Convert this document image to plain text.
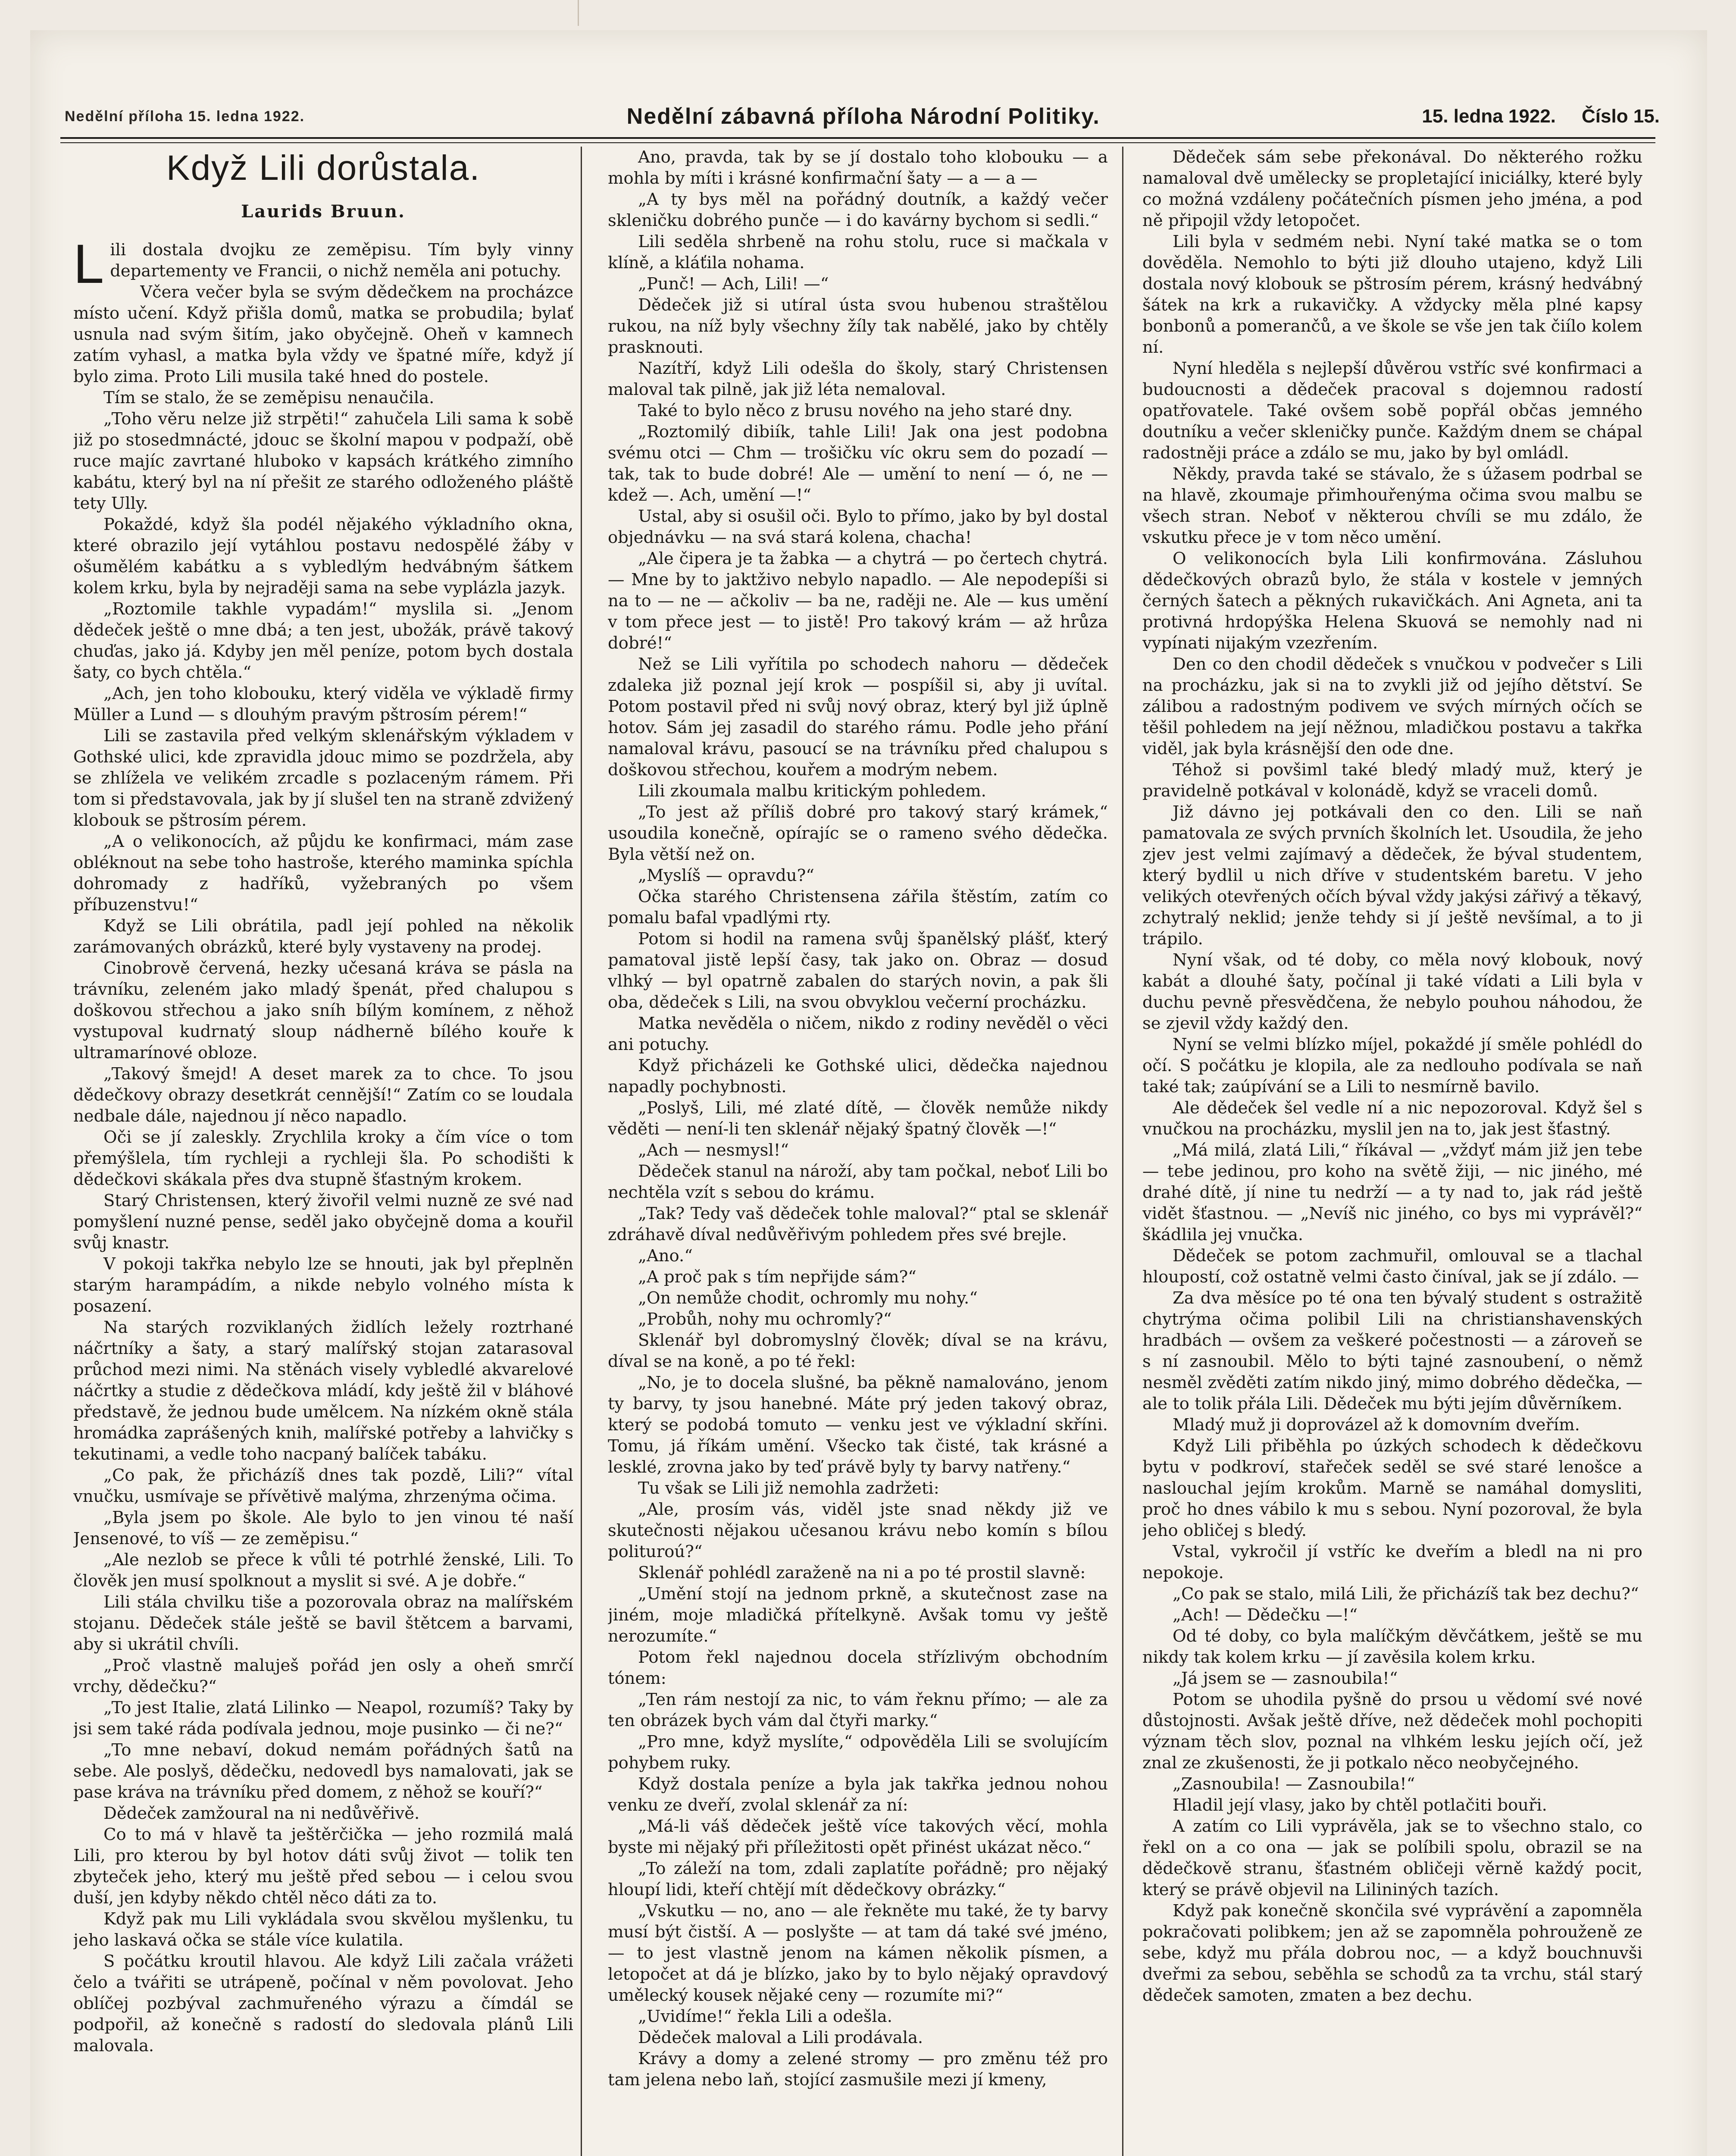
Nedělní příloha 15. ledna 1922.	Nedělní zábavná příloha Národní Politiky.	15. ledna 1922. Číslo 15.
Když Lili dorůstala.
Laurids Bruun.

Lili dostala dvojku ze zeměpisu. Tím byly vinny departementy ve Francii, o nichž neměla ani potuchy.

Včera večer byla se svým dědečkem na procházce místo učení. Když přišla domů, matka se probudila; bylať usnula nad svým šitím, jako obyčejně. Oheň v kamnech zatím vyhasl, a matka byla vždy ve špatné míře, když jí bylo zima. Proto Lili musila také hned do postele.

Tím se stalo, že se zeměpisu nenaučila.

„Toho věru nelze již strpěti!“ zahučela Lili sama k sobě již po stosedmnácté, jdouc se školní mapou v podpaží, obě ruce majíc zavrtané hluboko v kapsách krátkého zimního kabátu, který byl na ní přešit ze starého odloženého pláště tety Ully.

Pokaždé, když šla podél nějakého výkladního okna, které obrazilo její vytáhlou postavu nedospělé žáby v ošumělém kabátku a s vybledlým hedvábným šátkem kolem krku, byla by nejraději sama na sebe vyplázla jazyk.

„Roztomile takhle vypadám!“ myslila si. „Jenom dědeček ještě o mne dbá; a ten jest, ubožák, právě takový chuďas, jako já. Kdyby jen měl peníze, potom bych dostala šaty, co bych chtěla.“

„Ach, jen toho klobouku, který viděla ve výkladě firmy Müller a Lund — s dlouhým pravým pštrosím pérem!“

Lili se zastavila před velkým sklenářským výkladem v Gothské ulici, kde zpravidla jdouc mimo se pozdržela, aby se zhlížela ve velikém zrcadle s pozlaceným rámem. Při tom si představovala, jak by jí slušel ten na straně zdvižený klobouk se pštrosím pérem.

„A o velikonocích, až půjdu ke konfirmaci, mám zase obléknout na sebe toho hastroše, kterého maminka spíchla dohromady z hadříků, vyžebraných po všem příbuzenstvu!“

Když se Lili obrátila, padl její pohled na několik zarámovaných obrázků, které byly vystaveny na prodej.

Cinobrově červená, hezky učesaná kráva se pásla na trávníku, zeleném jako mladý špenát, před chalupou s doškovou střechou a jako sníh bílým komínem, z něhož vystupoval kudrnatý sloup nádherně bílého kouře k ultramarínové obloze.

„Takový šmejd! A deset marek za to chce. To jsou dědečkovy obrazy desetkrát cennější!“ Zatím co se loudala nedbale dále, najednou jí něco napadlo.

Oči se jí zaleskly. Zrychlila kroky a čím více o tom přemýšlela, tím rychleji a rychleji šla. Po schodišti k dědečkovi skákala přes dva stupně šťastným krokem.

Starý Christensen, který živořil velmi nuzně ze své nad pomyšlení nuzné pense, seděl jako obyčejně doma a kouřil svůj knastr.

V pokoji takřka nebylo lze se hnouti, jak byl přeplněn starým harampádím, a nikde nebylo volného místa k posazení.

Na starých rozviklaných židlích ležely roztrhané náčrtníky a šaty, a starý malířský stojan zatarasoval průchod mezi nimi. Na stěnách visely vybledlé akvarelové náčrtky a studie z dědečkova mládí, kdy ještě žil v bláhové představě, že jednou bude umělcem. Na nízkém okně stála hromádka zaprášených knih, malířské potřeby a lahvičky s tekutinami, a vedle toho nacpaný balíček tabáku.

„Co pak, že přicházíš dnes tak pozdě, Lili?“ vítal vnučku, usmívaje se přívětivě malýma, zhrzenýma očima.

„Byla jsem po škole. Ale bylo to jen vinou té naší Jensenové, to víš — ze zeměpisu.“

„Ale nezlob se přece k vůli té potrhlé ženské, Lili. To člověk jen musí spolknout a myslit si své. A je dobře.“

Lili stála chvilku tiše a pozorovala obraz na malířském stojanu. Dědeček stále ještě se bavil štětcem a barvami, aby si ukrátil chvíli.

„Proč vlastně maluješ pořád jen osly a oheň smrčí vrchy, dědečku?“

„To jest Italie, zlatá Lilinko — Neapol, rozumíš? Taky by jsi sem také ráda podívala jednou, moje pusinko — či ne?“

„To mne nebaví, dokud nemám pořádných šatů na sebe. Ale poslyš, dědečku, nedovedl bys namalovati, jak se pase kráva na trávníku před domem, z něhož se kouří?“

Dědeček zamžoural na ni nedůvěřivě.

Co to má v hlavě ta ještěrčička — jeho rozmilá malá Lili, pro kterou by byl hotov dáti svůj život — tolik ten zbyteček jeho, který mu ještě před sebou — i celou svou duší, jen kdyby někdo chtěl něco dáti za to.

Když pak mu Lili vykládala svou skvělou myšlenku, tu jeho laskavá očka se stále více kulatila.

S počátku kroutil hlavou. Ale když Lili začala vrážeti čelo a tvářiti se utrápeně, počínal v něm povolovat. Jeho oblíčej pozbýval zachmuřeného výrazu a čímdál se podpořil, až konečně s radostí do sledovala plánů Lili malovala.

Ano, pravda, tak by se jí dostalo toho klobouku — a mohla by míti i krásné konfirmační šaty — a — a —

„A ty bys měl na pořádný doutník, a každý večer skleničku dobrého punče — i do kavárny bychom si sedli.“

Lili seděla shrbeně na rohu stolu, ruce si mačkala v klíně, a kláťila nohama.

„Punč! — Ach, Lili! —“

Dědeček již si utíral ústa svou hubenou straštělou rukou, na níž byly všechny žíly tak nabělé, jako by chtěly prasknouti.

Nazítří, když Lili odešla do školy, starý Christensen maloval tak pilně, jak již léta nemaloval.

Také to bylo něco z brusu nového na jeho staré dny.

„Roztomilý dibiík, tahle Lili! Jak ona jest podobna svému otci — Chm — trošičku víc okru sem do pozadí — tak, tak to bude dobré! Ale — umění to není — ó, ne — kdež —. Ach, umění —!“

Ustal, aby si osušil oči. Bylo to přímo, jako by byl dostal objednávku — na svá stará kolena, chacha!

„Ale čipera je ta žabka — a chytrá — po čertech chytrá. — Mne by to jaktživo nebylo napadlo. — Ale nepodepíši si na to — ne — ačkoliv — ba ne, raději ne. Ale — kus umění v tom přece jest — to jistě! Pro takový krám — až hrůza dobré!“

Než se Lili vyřítila po schodech nahoru — dědeček zdaleka již poznal její krok — pospíšil si, aby ji uvítal. Potom postavil před ni svůj nový obraz, který byl již úplně hotov. Sám jej zasadil do starého rámu. Podle jeho přání namaloval krávu, pasoucí se na trávníku před chalupou s doškovou střechou, kouřem a modrým nebem.

Lili zkoumala malbu kritickým pohledem.

„To jest až příliš dobré pro takový starý krámek,“ usoudila konečně, opírajíc se o rameno svého dědečka. Byla větší než on.

„Myslíš — opravdu?“

Očka starého Christensena zářila štěstím, zatím co pomalu bafal vpadlými rty.

Potom si hodil na ramena svůj španělský plášť, který pamatoval jistě lepší časy, tak jako on. Obraz — dosud vlhký — byl opatrně zabalen do starých novin, a pak šli oba, dědeček s Lili, na svou obvyklou večerní procházku.

Matka nevěděla o ničem, nikdo z rodiny nevěděl o věci ani potuchy.

Když přicházeli ke Gothské ulici, dědečka najednou napadly pochybnosti.

„Poslyš, Lili, mé zlaté dítě, — člověk nemůže nikdy věděti — není-li ten sklenář nějaký špatný člověk —!“

„Ach — nesmysl!“

Dědeček stanul na nároží, aby tam počkal, neboť Lili bo nechtěla vzít s sebou do krámu.

„Tak? Tedy vaš dědeček tohle maloval?“ ptal se sklenář zdráhavě díval nedůvěřivým pohledem přes své brejle.

„Ano.“

„A proč pak s tím nepřijde sám?“

„On nemůže chodit, ochromly mu nohy.“

„Probůh, nohy mu ochromly?“

Sklenář byl dobromyslný člověk; díval se na krávu, díval se na koně, a po té řekl:

„No, je to docela slušné, ba pěkně namalováno, jenom ty barvy, ty jsou hanebné. Máte prý jeden takový obraz, který se podobá tomuto — venku jest ve výkladní skříni. Tomu, já říkám umění. Všecko tak čisté, tak krásné a lesklé, zrovna jako by teď právě byly ty barvy natřeny.“

Tu však se Lili již nemohla zadržeti:

„Ale, prosím vás, viděl jste snad někdy již ve skutečnosti nějakou učesanou krávu nebo komín s bílou polituroú?“

Sklenář pohlédl zaraženě na ni a po té prostil slavně:

„Umění stojí na jednom prkně, a skutečnost zase na jiném, moje mladičká přítelkyně. Avšak tomu vy ještě nerozumíte.“

Potom řekl najednou docela střízlivým obchodním tónem:

„Ten rám nestojí za nic, to vám řeknu přímo; — ale za ten obrázek bych vám dal čtyři marky.“

„Pro mne, když myslíte,“ odpověděla Lili se svolujícím pohybem ruky.

Když dostala peníze a byla jak takřka jednou nohou venku ze dveří, zvolal sklenář za ní:

„Má-li váš dědeček ještě více takových věcí, mohla byste mi nějaký při příležitosti opět přinést ukázat něco.“

„To záleží na tom, zdali zaplatíte pořádně; pro nějaký hloupí lidi, kteří chtějí mít dědečkovy obrázky.“

„Vskutku — no, ano — ale řekněte mu také, že ty barvy musí být čistší. A — poslyšte — at tam dá také své jméno, — to jest vlastně jenom na kámen několik písmen, a letopočet at dá je blízko, jako by to bylo nějaký opravdový umělecký kousek nějaké ceny — rozumíte mi?“

„Uvidíme!“ řekla Lili a odešla.

Dědeček maloval a Lili prodávala.

Krávy a domy a zelené stromy — pro změnu též pro tam jelena nebo laň, stojící zasmušile mezi jí kmeny,

Dědeček sám sebe překonával. Do některého rožku namaloval dvě umělecky se propletající iniciálky, které byly co možná vzdáleny počátečních písmen jeho jména, a pod ně připojil vždy letopočet.

Lili byla v sedmém nebi. Nyní také matka se o tom dověděla. Nemohlo to býti již dlouho utajeno, když Lili dostala nový klobouk se pštrosím pérem, krásný hedvábný šátek na krk a rukavičky. A vždycky měla plné kapsy bonbonů a pomerančů, a ve škole se vše jen tak čiílo kolem ní.

Nyní hleděla s nejlepší důvěrou vstříc své konfirmaci a budoucnosti a dědeček pracoval s dojemnou radostí opatřovatele. Také ovšem sobě popřál občas jemného doutníku a večer skleničky punče. Každým dnem se chápal radostněji práce a zdálo se mu, jako by byl omládl.

Někdy, pravda také se stávalo, že s úžasem podrbal se na hlavě, zkoumaje přimhouřenýma očima svou malbu se všech stran. Neboť v některou chvíli se mu zdálo, že vskutku přece je v tom něco umění.

O velikonocích byla Lili konfirmována. Zásluhou dědečkových obrazů bylo, že stála v kostele v jemných černých šatech a pěkných rukavičkách. Ani Agneta, ani ta protivná hrdopýška Helena Skuová se nemohly nad ni vypínati nijakým vzezřením.

Den co den chodil dědeček s vnučkou v podvečer s Lili na procházku, jak si na to zvykli již od jejího dětství. Se zálibou a radostným podivem ve svých mírných očích se těšil pohledem na její něžnou, mladičkou postavu a takřka viděl, jak byla krásnější den ode dne.

Téhož si povšiml také bledý mladý muž, který je pravidelně potkával v kolonádě, když se vraceli domů.

Již dávno jej potkávali den co den. Lili se naň pamatovala ze svých prvních školních let. Usoudila, že jeho zjev jest velmi zajímavý a dědeček, že býval studentem, který bydlil u nich dříve v studentském baretu. V jeho velikých otevřených očích býval vždy jakýsi zářivý a těkavý, zchytralý neklid; jenže tehdy si jí ještě nevšímal, a to ji trápilo.

Nyní však, od té doby, co měla nový klobouk, nový kabát a dlouhé šaty, počínal ji také vídati a Lili byla v duchu pevně přesvědčena, že nebylo pouhou náhodou, že se zjevil vždy každý den.

Nyní se velmi blízko míjel, pokaždé jí směle pohlédl do očí. S počátku je klopila, ale za nedlouho podívala se naň také tak; zaúpívání se a Lili to nesmírně bavilo.

Ale dědeček šel vedle ní a nic nepozoroval. Když šel s vnučkou na procházku, myslil jen na to, jak jest šťastný.

„Má milá, zlatá Lili,“ říkával — „vždyť mám již jen tebe — tebe jedinou, pro koho na světě žiji, — nic jiného, mé drahé dítě, jí nine tu nedrží — a ty nad to, jak rád ještě vidět šťastnou. — „Nevíš nic jiného, co bys mi vyprávěl?“ škádlila jej vnučka.

Dědeček se potom zachmuřil, omlouval se a tlachal hloupostí, což ostatně velmi často činíval, jak se jí zdálo. —

Za dva měsíce po té ona ten bývalý student s ostražitě chytrýma očima polibil Lili na christianshavenských hradbách — ovšem za veškeré počestnosti — a zároveň se s ní zasnoubil. Mělo to býti tajné zasnoubení, o němž nesměl zvěděti zatím nikdo jiný, mimo dobrého dědečka, — ale to tolik přála Lili. Dědeček mu býti jejím důvěrníkem.

Mladý muž ji doprovázel až k domovním dveřím.

Když Lili přiběhla po úzkých schodech k dědečkovu bytu v podkroví, stařeček seděl se své staré lenošce a naslouchal jejím krokům. Marně se namáhal domysliti, proč ho dnes vábilo k mu s sebou. Nyní pozoroval, že byla jeho obličej s bledý.

Vstal, vykročil jí vstříc ke dveřím a bledl na ni pro nepokoje.

„Co pak se stalo, milá Lili, že přicházíš tak bez dechu?“

„Ach! — Dědečku —!“

Od té doby, co byla malíčkým děvčátkem, ještě se mu nikdy tak kolem krku — jí zavěsila kolem krku.

„Já jsem se — zasnoubila!“

Potom se uhodila pyšně do prsou u vědomí své nové důstojnosti. Avšak ještě dříve, než dědeček mohl pochopiti význam těch slov, poznal na vlhkém lesku jejích očí, jež znal ze zkušenosti, že ji potkalo něco neobyčejného.

„Zasnoubila! — Zasnoubila!“

Hladil její vlasy, jako by chtěl potlačiti bouři.

A zatím co Lili vyprávěla, jak se to všechno stalo, co řekl on a co ona — jak se políbili spolu, obrazil se na dědečkově stranu, šťastném obličeji věrně každý pocit, který se právě objevil na Lilininých tazích.

Když pak konečně skončila své vyprávění a zapomněla pokračovati polibkem; jen až se zapomněla pohrouženě ze sebe, když mu přála dobrou noc, — a když bouchnuvši dveřmi za sebou, seběhla se schodů za ta vrchu, stál starý dědeček samoten, zmaten a bez dechu.
